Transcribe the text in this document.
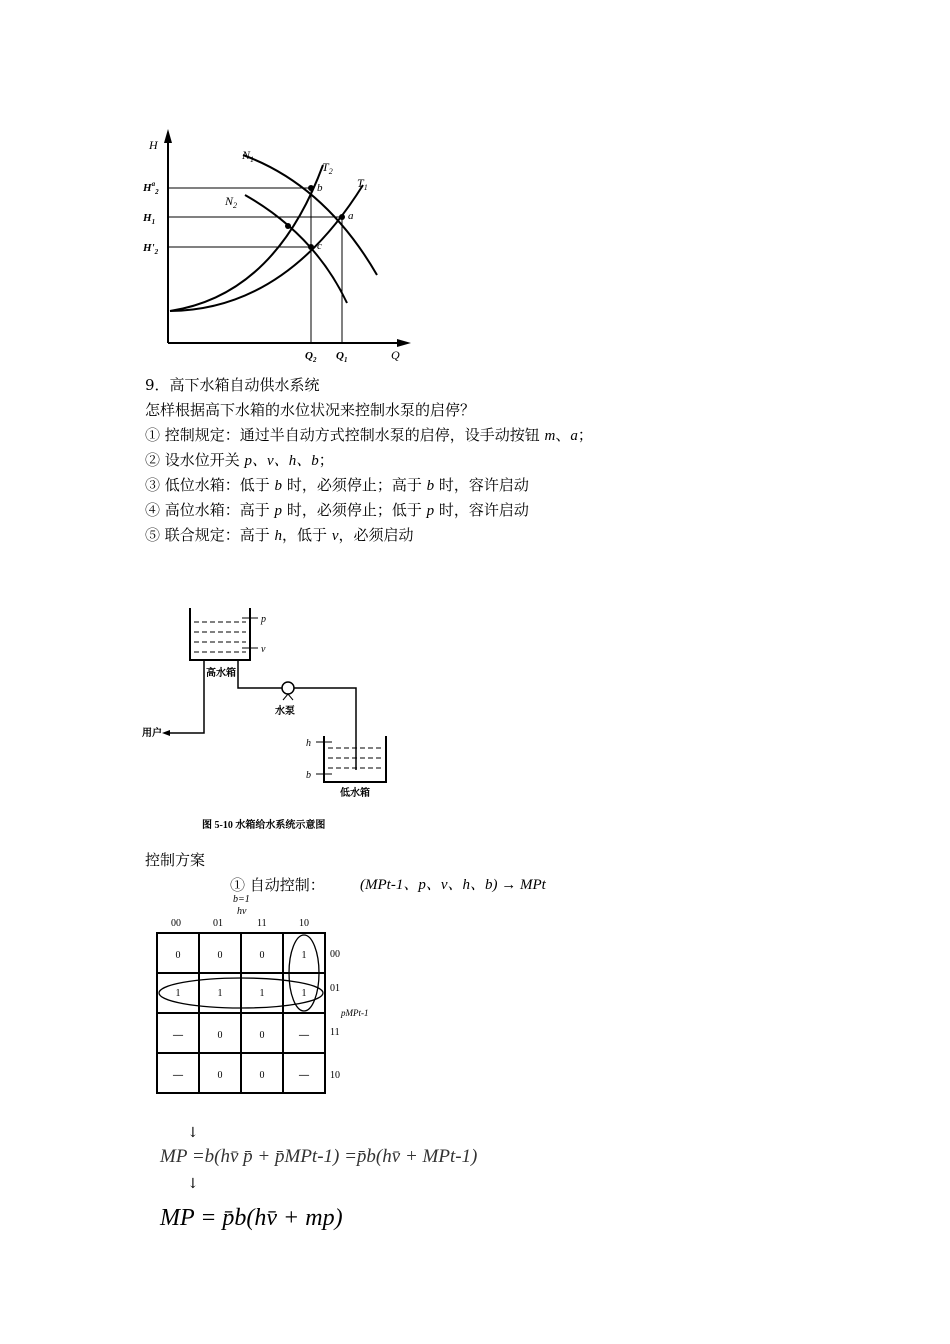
H
Q
$N_1$
$N_2$
$T_2$
$T_1$
$H^a_2$
$H_1$
$H'_2$
$Q_2$ $Q_1$
b
a
c
9．高下水箱自动供水系统
怎样根据高下水箱的水位状况来控制水泵的启停？
① 控制规定：通过半自动方式控制水泵的启停，设手动按钮 m、a；
② 设水位开关 p、v、h、b；
③ 低位水箱：低于 b 时，必须停止；高于 b 时，容许启动
④ 高位水箱：高于 p 时，必须停止；低于 p 时，容许启动
⑤ 联合规定：高于 h，低于 v，必须启动
p
v
高水箱
用户
水泵
h
b
低水箱
图 5-10 水箱给水系统示意图
控制方案
① 自动控制： (MPt-1、p、v、h、b) → MPt
b=1
hv
00	01	11	10
0	0	0	1
1	1	1	1
—	0	0	—
—	0	0	—
00
01
11
10
pMPt-1
↓
MP =b(hv̄ p̄ + p̄MPt-1) =p̄b(hv̄ + MPt-1)
↓
MP = p̄b(hv̄ + mp)
